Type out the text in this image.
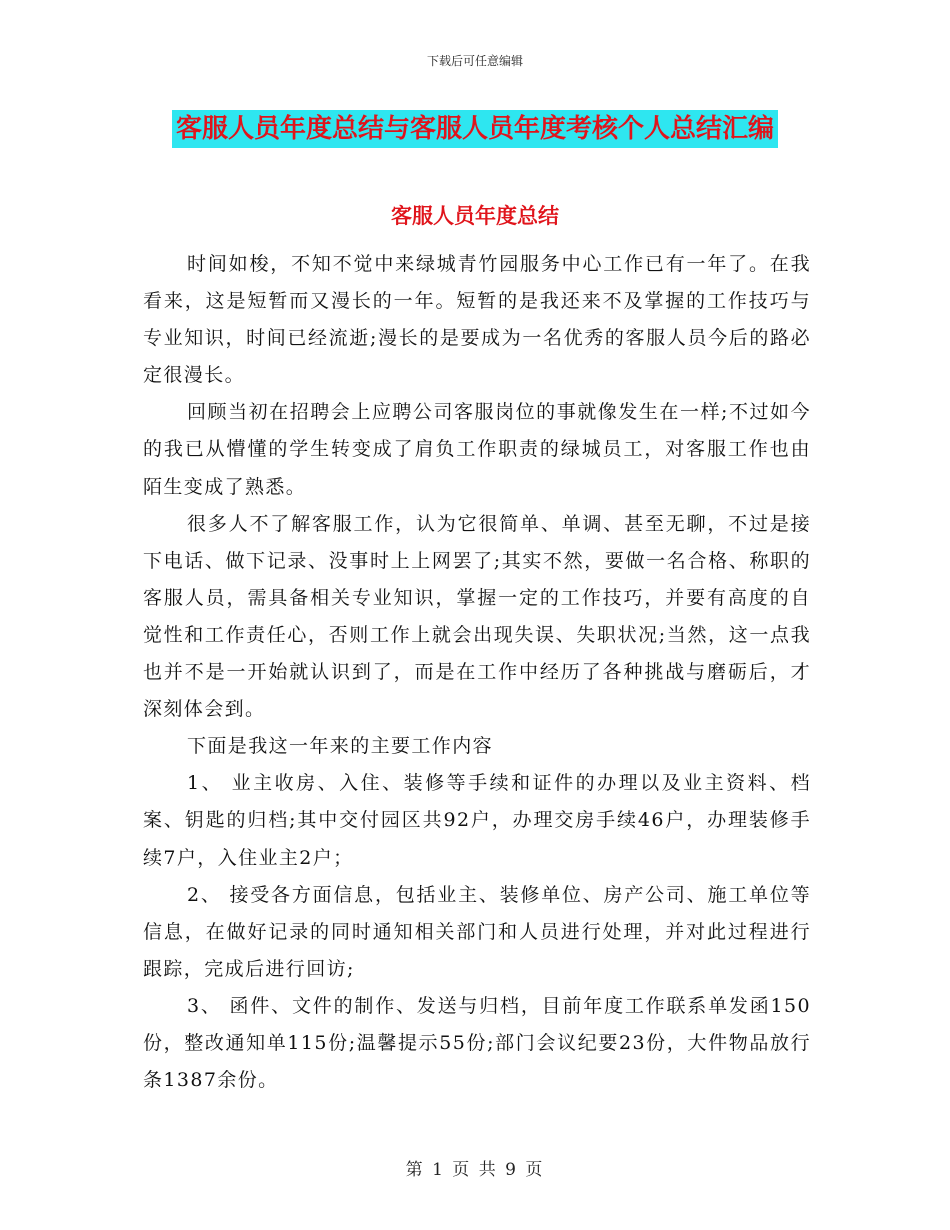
下载后可任意编辑
客服人员年度总结与客服人员年度考核个人总结汇编
客服人员年度总结

时间如梭，不知不觉中来绿城青竹园服务中心工作已有一年了。在我看来，这是短暂而又漫长的一年。短暂的是我还来不及掌握的工作技巧与专业知识，时间已经流逝;漫长的是要成为一名优秀的客服人员今后的路必定很漫长。

回顾当初在招聘会上应聘公司客服岗位的事就像发生在一样;不过如今的我已从懵懂的学生转变成了肩负工作职责的绿城员工，对客服工作也由陌生变成了熟悉。

很多人不了解客服工作，认为它很简单、单调、甚至无聊，不过是接下电话、做下记录、没事时上上网罢了;其实不然，要做一名合格、称职的客服人员，需具备相关专业知识，掌握一定的工作技巧，并要有高度的自觉性和工作责任心，否则工作上就会出现失误、失职状况;当然，这一点我也并不是一开始就认识到了，而是在工作中经历了各种挑战与磨砺后，才深刻体会到。

下面是我这一年来的主要工作内容

1、 业主收房、入住、装修等手续和证件的办理以及业主资料、档案、钥匙的归档;其中交付园区共92户，办理交房手续46户，办理装修手续7户，入住业主2户；

2、 接受各方面信息，包括业主、装修单位、房产公司、施工单位等信息，在做好记录的同时通知相关部门和人员进行处理，并对此过程进行跟踪，完成后进行回访;

3、 函件、文件的制作、发送与归档，目前年度工作联系单发函150份，整改通知单115份;温馨提示55份;部门会议纪要23份，大件物品放行条1387余份。

第 1 页 共 9 页
